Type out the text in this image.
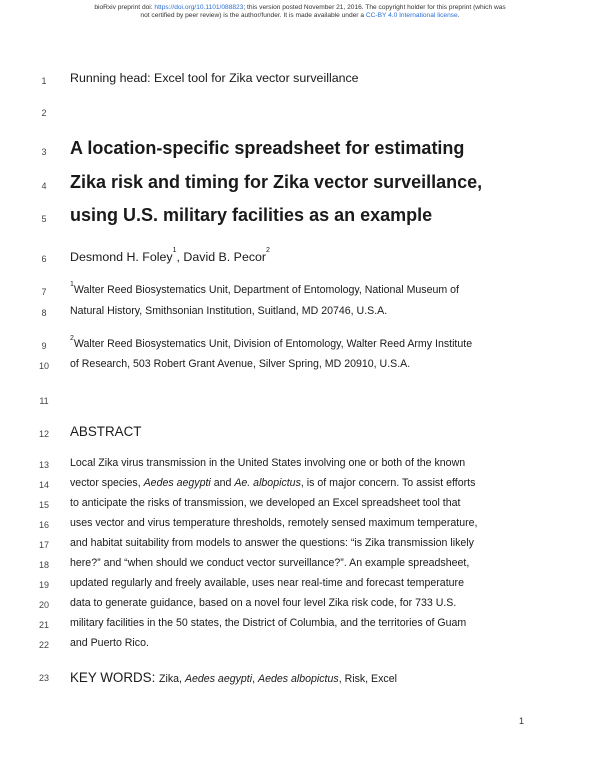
bioRxiv preprint doi: https://doi.org/10.1101/088823; this version posted November 21, 2016. The copyright holder for this preprint (which was
not certified by peer review) is the author/funder. It is made available under a CC-BY 4.0 International license.
1	Running head: Excel tool for Zika vector surveillance
2
3	A location-specific spreadsheet for estimating
4	Zika risk and timing for Zika vector surveillance,
5	using U.S. military facilities as an example
6	Desmond H. Foley$^1$, David B. Pecor$^2$
7
$^1$Walter Reed Biosystematics Unit, Department of Entomology, National Museum of
8	Natural History, Smithsonian Institution, Suitland, MD 20746, U.S.A.
9
$^2$Walter Reed Biosystematics Unit, Division of Entomology, Walter Reed Army Institute
10	of Research, 503 Robert Grant Avenue, Silver Spring, MD 20910, U.S.A.
11
12	ABSTRACT
13	Local Zika virus transmission in the United States involving one or both of the known
14	vector species, Aedes aegypti and Ae. albopictus, is of major concern. To assist efforts
15	to anticipate the risks of transmission, we developed an Excel spreadsheet tool that
16	uses vector and virus temperature thresholds, remotely sensed maximum temperature,
17	and habitat suitability from models to answer the questions: “is Zika transmission likely
18	here?” and “when should we conduct vector surveillance?”. An example spreadsheet,
19	updated regularly and freely available, uses near real-time and forecast temperature
20	data to generate guidance, based on a novel four level Zika risk code, for 733 U.S.
21	military facilities in the 50 states, the District of Columbia, and the territories of Guam
22	and Puerto Rico.
23	KEY WORDS: Zika, Aedes aegypti, Aedes albopictus, Risk, Excel
1
